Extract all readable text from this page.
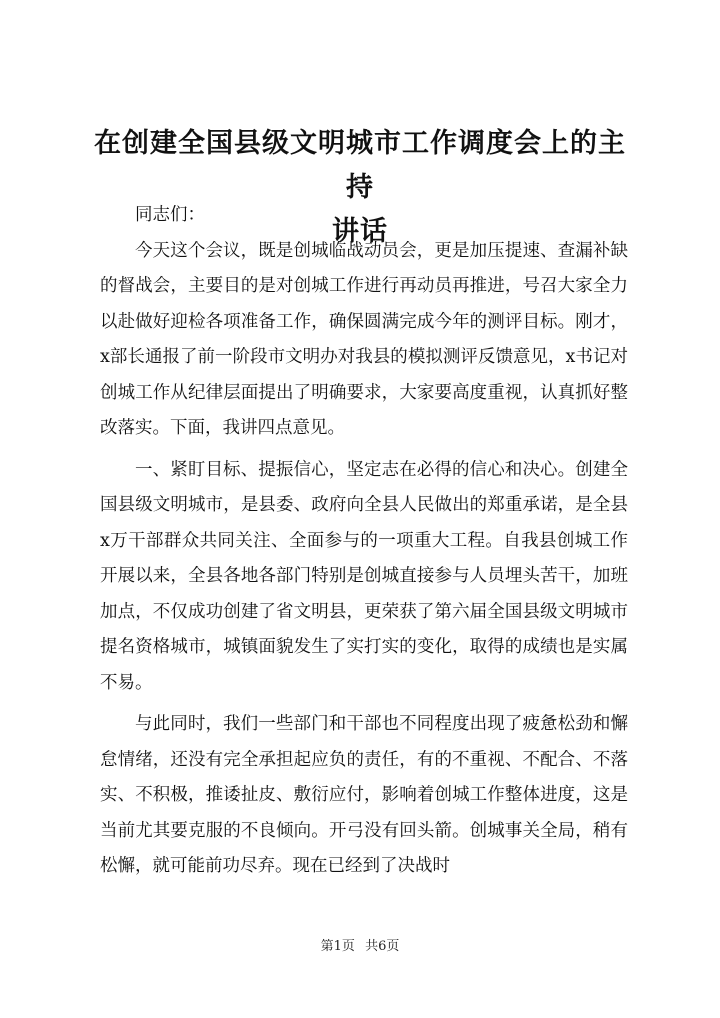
在创建全国县级文明城市工作调度会上的主持
讲话

同志们：

今天这个会议，既是创城临战动员会，更是加压提速、查漏补缺的督战会，主要目的是对创城工作进行再动员再推进，号召大家全力以赴做好迎检各项准备工作，确保圆满完成今年的测评目标。刚才，x部长通报了前一阶段市文明办对我县的模拟测评反馈意见，x书记对创城工作从纪律层面提出了明确要求，大家要高度重视，认真抓好整改落实。下面，我讲四点意见。

一、紧盯目标、提振信心，坚定志在必得的信心和决心。创建全国县级文明城市，是县委、政府向全县人民做出的郑重承诺，是全县x万干部群众共同关注、全面参与的一项重大工程。自我县创城工作开展以来，全县各地各部门特别是创城直接参与人员埋头苦干，加班加点，不仅成功创建了省文明县，更荣获了第六届全国县级文明城市提名资格城市，城镇面貌发生了实打实的变化，取得的成绩也是实属不易。

与此同时，我们一些部门和干部也不同程度出现了疲惫松劲和懈怠情绪，还没有完全承担起应负的责任，有的不重视、不配合、不落实、不积极，推诿扯皮、敷衍应付，影响着创城工作整体进度，这是当前尤其要克服的不良倾向。开弓没有回头箭。创城事关全局，稍有松懈，就可能前功尽弃。现在已经到了决战时

第1页 共6页
